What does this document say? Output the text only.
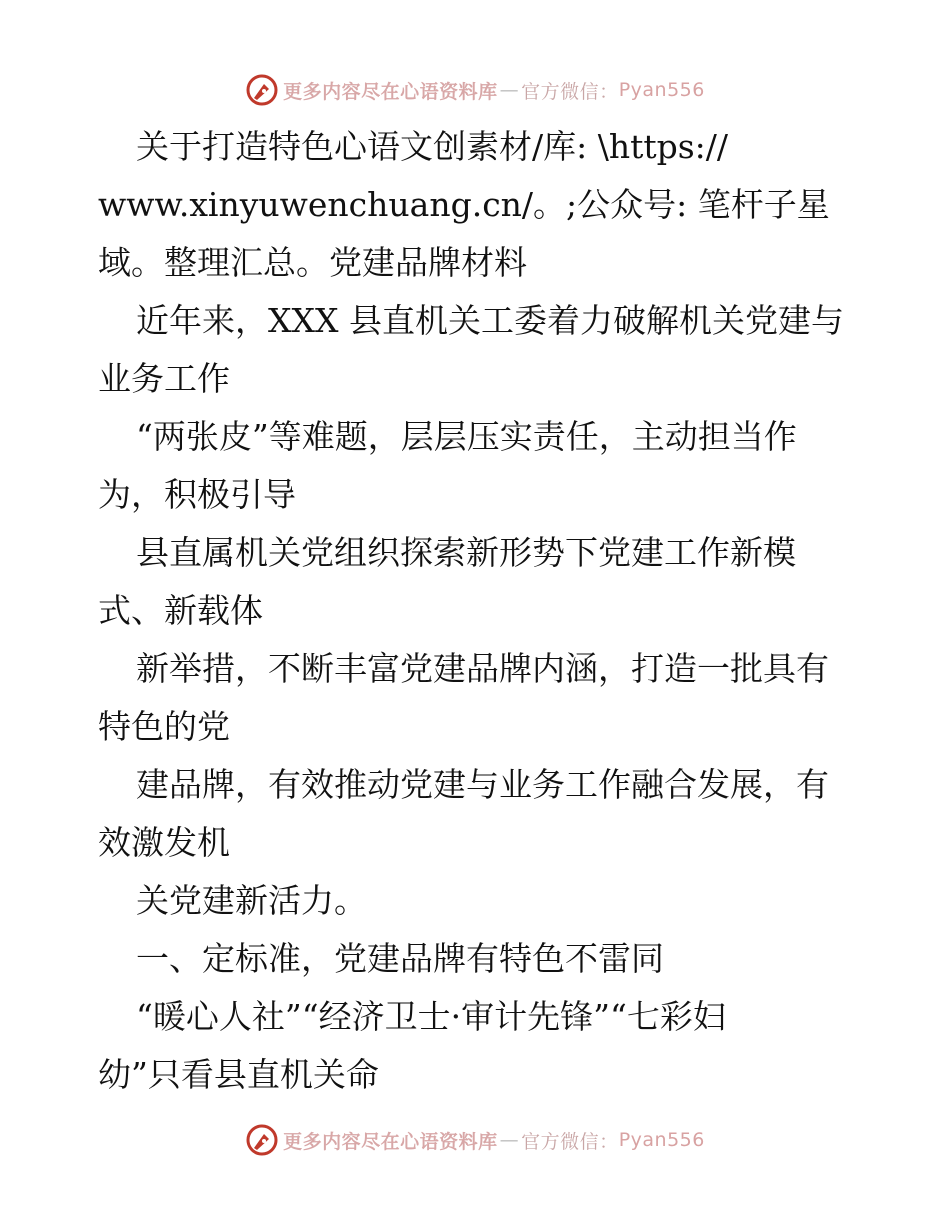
更多内容尽在心语资料库 — 官方微信： Pyan556

关于打造特色心语文创素材/库: \https://

www.xinyuwenchuang.cn/。;公众号: 笔杆子星

域。整理汇总。党建品牌材料

近年来，XXX 县直机关工委着力破解机关党建与

业务工作

“两张皮”等难题，层层压实责任，主动担当作

为，积极引导

县直属机关党组织探索新形势下党建工作新模

式、新载体

新举措，不断丰富党建品牌内涵，打造一批具有

特色的党

建品牌，有效推动党建与业务工作融合发展，有

效激发机

关党建新活力。

一、定标准，党建品牌有特色不雷同

“暖心人社”“经济卫士·审计先锋”“七彩妇

幼”只看县直机关命

更多内容尽在心语资料库 — 官方微信： Pyan556
